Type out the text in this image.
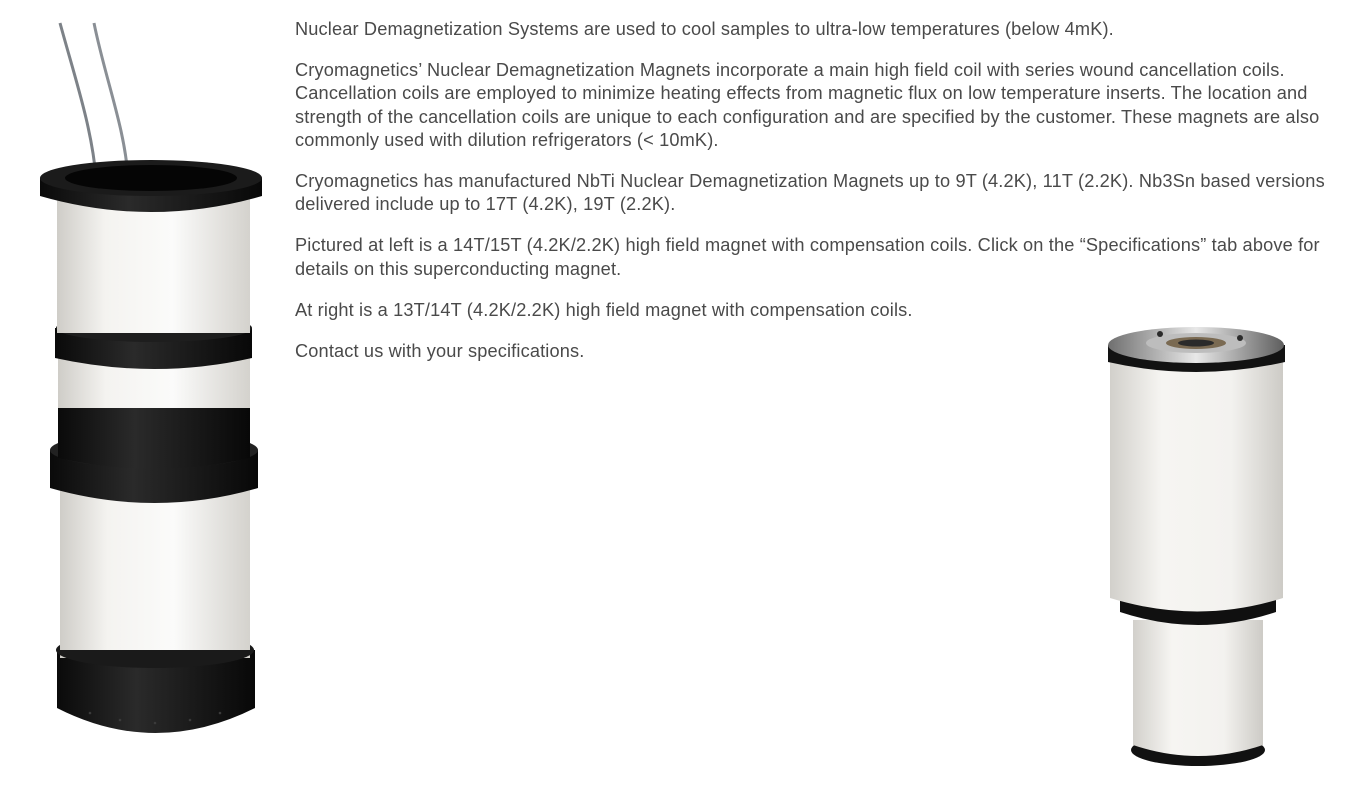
Nuclear Demagnetization Systems are used to cool samples to ultra-low temperatures (below 4mK).

Cryomagnetics’ Nuclear Demagnetization Magnets incorporate a main high field coil with series wound cancellation coils. Cancellation coils are employed to minimize heating effects from magnetic flux on low temperature inserts. The location and strength of the cancellation coils are unique to each configuration and are specified by the customer. These magnets are also commonly used with dilution refrigerators (< 10mK).

Cryomagnetics has manufactured NbTi Nuclear Demagnetization Magnets up to 9T (4.2K), 11T (2.2K). Nb3Sn based versions delivered include up to 17T (4.2K), 19T (2.2K).

Pictured at left is a 14T/15T (4.2K/2.2K) high field magnet with compensation coils. Click on the “Specifications” tab above for details on this superconducting magnet.

At right is a 13T/14T (4.2K/2.2K) high field magnet with compensation coils.

Contact us with your specifications.
